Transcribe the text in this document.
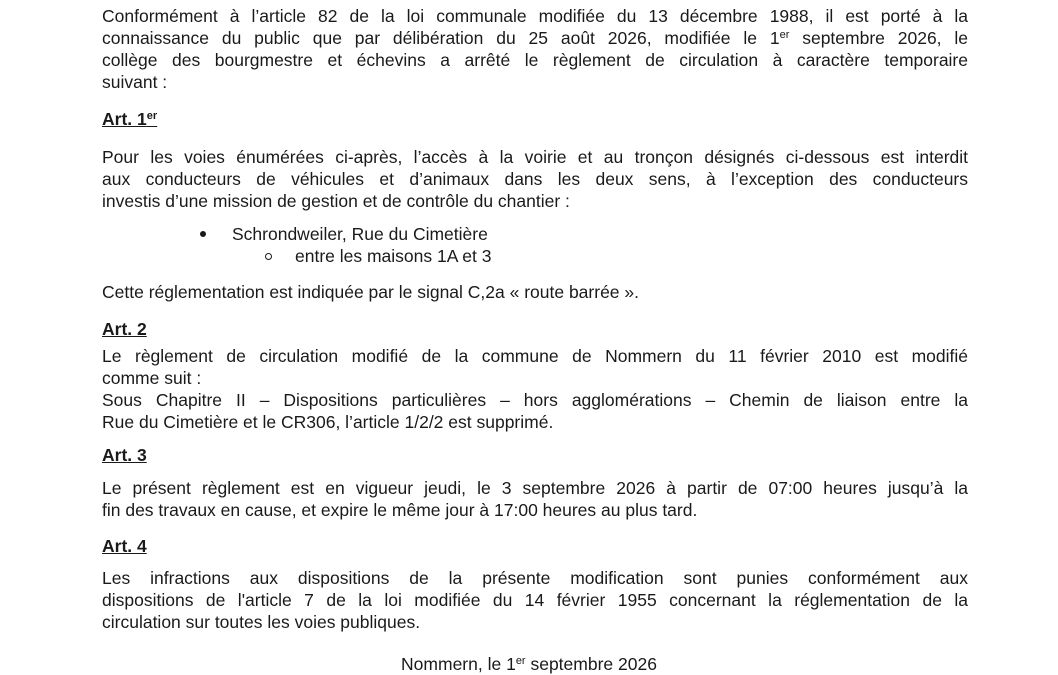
Conformément à l’article 82 de la loi communale modifiée du 13 décembre 1988, il est porté à la
connaissance du public que par délibération du 25 août 2026, modifiée le 1er septembre 2026, le
collège des bourgmestre et échevins a arrêté le règlement de circulation à caractère temporaire
suivant :
Art. 1er
Pour les voies énumérées ci-après, l’accès à la voirie et au tronçon désignés ci-dessous est interdit
aux conducteurs de véhicules et d’animaux dans les deux sens, à l’exception des conducteurs
investis d’une mission de gestion et de contrôle du chantier :
Schrondweiler, Rue du Cimetière
entre les maisons 1A et 3
Cette réglementation est indiquée par le signal C,2a « route barrée ».
Art. 2
Le règlement de circulation modifié de la commune de Nommern du 11 février 2010 est modifié
comme suit :
Sous Chapitre II – Dispositions particulières – hors agglomérations – Chemin de liaison entre la
Rue du Cimetière et le CR306, l’article 1/2/2 est supprimé.
Art. 3
Le présent règlement est en vigueur jeudi, le 3 septembre 2026 à partir de 07:00 heures jusqu’à la
fin des travaux en cause, et expire le même jour à 17:00 heures au plus tard.
Art. 4
Les infractions aux dispositions de la présente modification sont punies conformément aux
dispositions de l'article 7 de la loi modifiée du 14 février 1955 concernant la réglementation de la
circulation sur toutes les voies publiques.
Nommern, le 1er septembre 2026
